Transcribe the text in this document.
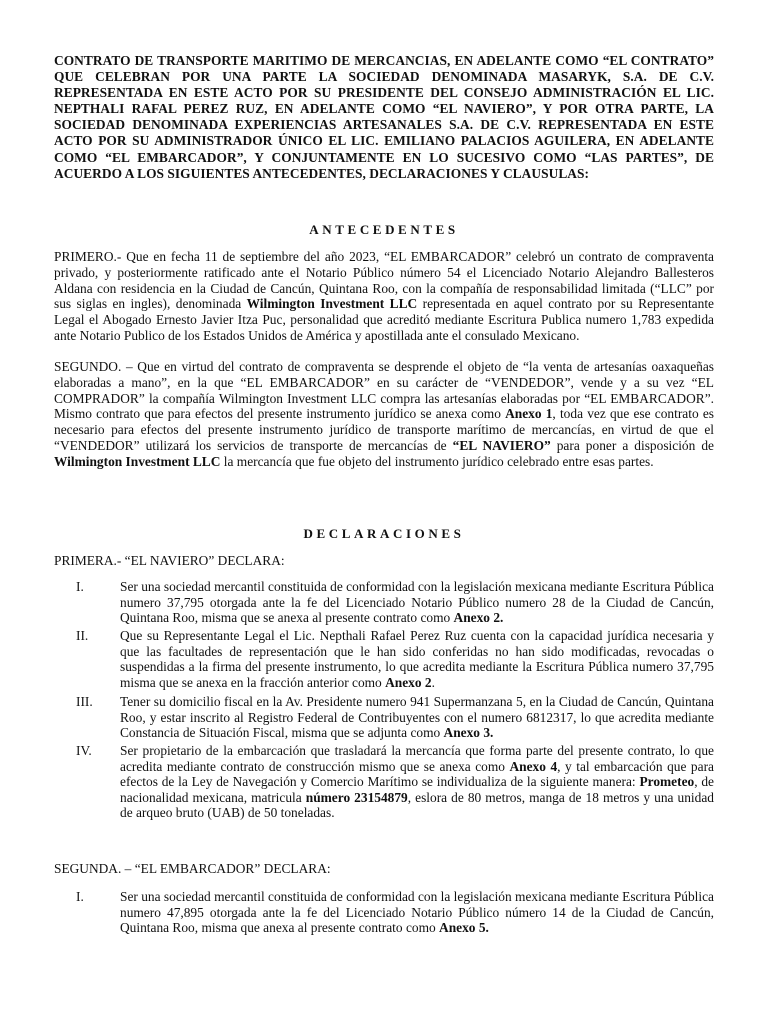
CONTRATO DE TRANSPORTE MARITIMO DE MERCANCIAS, EN ADELANTE COMO “EL CONTRATO” QUE CELEBRAN POR UNA PARTE LA SOCIEDAD DENOMINADA MASARYK, S.A. DE C.V. REPRESENTADA EN ESTE ACTO POR SU PRESIDENTE DEL CONSEJO ADMINISTRACIÓN EL LIC. NEPTHALI RAFAL PEREZ RUZ, EN ADELANTE COMO “EL NAVIERO”, Y POR OTRA PARTE, LA SOCIEDAD DENOMINADA EXPERIENCIAS ARTESANALES S.A. DE C.V. REPRESENTADA EN ESTE ACTO POR SU ADMINISTRADOR ÚNICO EL LIC. EMILIANO PALACIOS AGUILERA, EN ADELANTE COMO “EL EMBARCADOR”, Y CONJUNTAMENTE EN LO SUCESIVO COMO “LAS PARTES”, DE ACUERDO A LOS SIGUIENTES ANTECEDENTES, DECLARACIONES Y CLAUSULAS:
ANTECEDENTES
PRIMERO.- Que en fecha 11 de septiembre del año 2023, “EL EMBARCADOR” celebró un contrato de compraventa privado, y posteriormente ratificado ante el Notario Público número 54 el Licenciado Notario Alejandro Ballesteros Aldana con residencia en la Ciudad de Cancún, Quintana Roo, con la compañía de responsabilidad limitada (“LLC” por sus siglas en ingles), denominada Wilmington Investment LLC representada en aquel contrato por su Representante Legal el Abogado Ernesto Javier Itza Puc, personalidad que acreditó mediante Escritura Publica numero 1,783 expedida ante Notario Publico de los Estados Unidos de América y apostillada ante el consulado Mexicano.
SEGUNDO. – Que en virtud del contrato de compraventa se desprende el objeto de “la venta de artesanías oaxaqueñas elaboradas a mano”, en la que “EL EMBARCADOR” en su carácter de “VENDEDOR”, vende y a su vez “EL COMPRADOR” la compañía Wilmington Investment LLC compra las artesanías elaboradas por “EL EMBARCADOR”. Mismo contrato que para efectos del presente instrumento jurídico se anexa como Anexo 1, toda vez que ese contrato es necesario para efectos del presente instrumento jurídico de transporte marítimo de mercancías, en virtud de que el “VENDEDOR” utilizará los servicios de transporte de mercancías de “EL NAVIERO” para poner a disposición de Wilmington Investment LLC la mercancía que fue objeto del instrumento jurídico celebrado entre esas partes.
DECLARACIONES
PRIMERA.- “EL NAVIERO” DECLARA:
I.	Ser una sociedad mercantil constituida de conformidad con la legislación mexicana mediante Escritura Pública numero 37,795 otorgada ante la fe del Licenciado Notario Público numero 28 de la Ciudad de Cancún, Quintana Roo, misma que se anexa al presente contrato como Anexo 2.
II. Que su Representante Legal el Lic. Nepthali Rafael Perez Ruz cuenta con la capacidad jurídica necesaria y que las facultades de representación que le han sido conferidas no han sido modificadas, revocadas o suspendidas a la firma del presente instrumento, lo que acredita mediante la Escritura Pública numero 37,795 misma que se anexa en la fracción anterior como Anexo 2.
III. Tener su domicilio fiscal en la Av. Presidente numero 941 Supermanzana 5, en la Ciudad de Cancún, Quintana Roo, y estar inscrito al Registro Federal de Contribuyentes con el numero 6812317, lo que acredita mediante Constancia de Situación Fiscal, misma que se adjunta como Anexo 3.
IV. Ser propietario de la embarcación que trasladará la mercancía que forma parte del presente contrato, lo que acredita mediante contrato de construcción mismo que se anexa como Anexo 4, y tal embarcación que para efectos de la Ley de Navegación y Comercio Marítimo se individualiza de la siguiente manera: Prometeo, de nacionalidad mexicana, matricula número 23154879, eslora de 80 metros, manga de 18 metros y una unidad de arqueo bruto (UAB) de 50 toneladas.
SEGUNDA. – “EL EMBARCADOR” DECLARA:
I.	Ser una sociedad mercantil constituida de conformidad con la legislación mexicana mediante Escritura Pública numero 47,895 otorgada ante la fe del Licenciado Notario Público número 14 de la Ciudad de Cancún, Quintana Roo, misma que anexa al presente contrato como Anexo 5.
